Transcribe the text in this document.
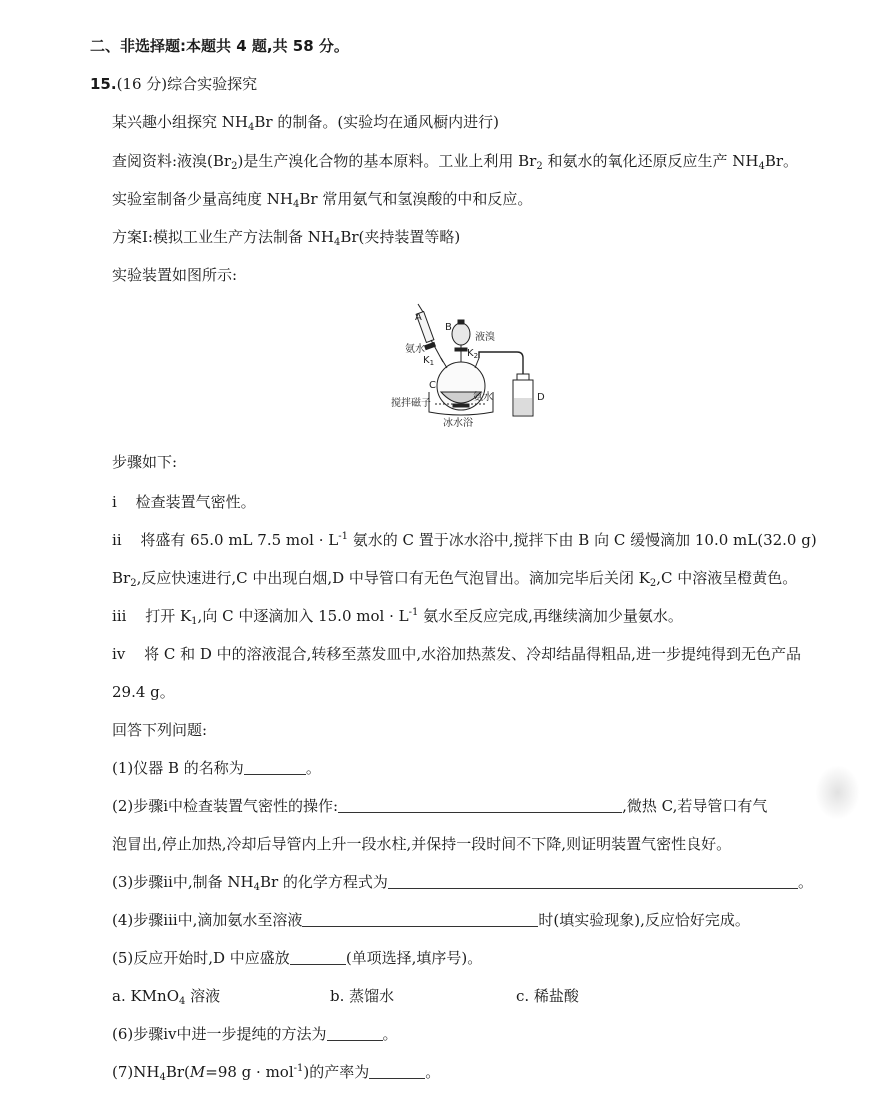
二、非选择题:本题共 4 题,共 58 分。
15.(16 分)综合实验探究
某兴趣小组探究 $NH_4Br$ 的制备。(实验均在通风橱内进行)
查阅资料:液溴$(Br_2)$是生产溴化合物的基本原料。工业上利用 $Br_2$ 和氨水的氧化还原反应生产 $NH_4Br$。
实验室制备少量高纯度 $NH_4Br$ 常用氨气和氢溴酸的中和反应。
方案Ⅰ:模拟工业生产方法制备 $NH_4Br$(夹持装置等略)
实验装置如图所示:
A
氨水
$K_1$
B
液溴
$K_2$
C
氨水	D
搅拌磁子
冰水浴
步骤如下:
ⅰ 检查装置气密性。
ⅱ 将盛有 65.0 mL 7.5 mol · $L^{-1}$ 氨水的 C 置于冰水浴中,搅拌下由 B 向 C 缓慢滴加 10.0 mL(32.0 g)
$Br_2$,反应快速进行,C 中出现白烟,D 中导管口有无色气泡冒出。滴加完毕后关闭 $K_2,C$ 中溶液呈橙黄色。
ⅲ 打开 $K_1$,向 C 中逐滴加入 15.0 mol · $L^{-1}$ 氨水至反应完成,再继续滴加少量氨水。
ⅳ 将 C 和 D 中的溶液混合,转移至蒸发皿中,水浴加热蒸发、冷却结晶得粗品,进一步提纯得到无色产品
29.4 g。
回答下列问题:
(1)仪器 B 的名称为	。
(2)步骤ⅰ中检查装置气密性的操作:	,微热 C,若导管口有气
泡冒出,停止加热,冷却后导管内上升一段水柱,并保持一段时间不下降,则证明装置气密性良好。
(3)步骤ⅱ中,制备 $NH_4Br$ 的化学方程式为	。
(4)步骤ⅲ中,滴加氨水至溶液	时(填实验现象),反应恰好完成。
(5)反应开始时,D 中应盛放	(单项选择,填序号)。
a. KMnO$_4$ 溶液	b. 蒸馏水	c. 稀盐酸
(6)步骤ⅳ中进一步提纯的方法为	。
$(7)NH_4Br(M=98$ g · mol$^{-1}$)的产率为	。
